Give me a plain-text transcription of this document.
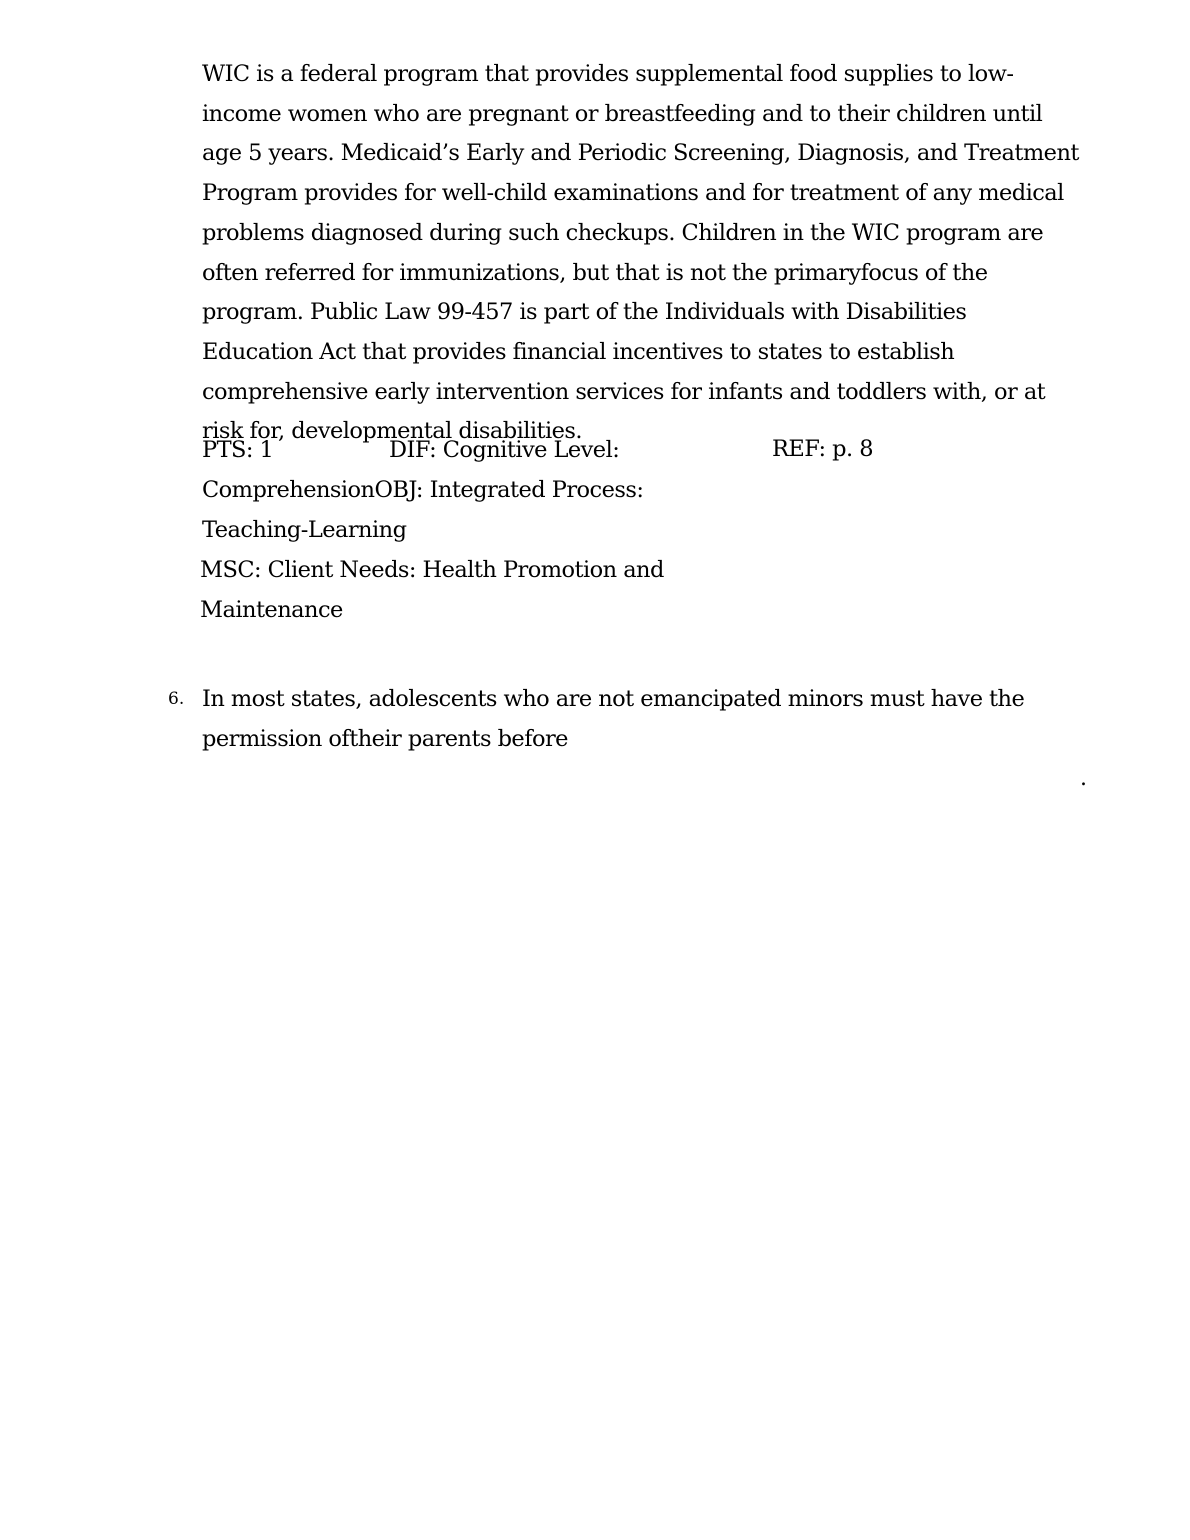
WIC is a federal program that provides supplemental food supplies to low-income women who are pregnant or breastfeeding and to their children until age 5 years. Medicaid’s Early and Periodic Screening, Diagnosis, and Treatment Program provides for well-child examinations and for treatment of any medical problems diagnosed during such checkups. Children in the WIC program are often referred for immunizations, but that is not the primaryfocus of the program. Public Law 99-457 is part of the Individuals with Disabilities Education Act that provides financial incentives to states to establish comprehensive early intervention services for infants and toddlers with, or at risk for, developmental disabilities.

PTS: 1	DIF: Cognitive Level:	REF: p. 8
ComprehensionOBJ: Integrated Process:
Teaching-Learning
MSC: Client Needs: Health Promotion and
Maintenance
6. In most states, adolescents who are not emancipated minors must have the permission oftheir parents before

.
